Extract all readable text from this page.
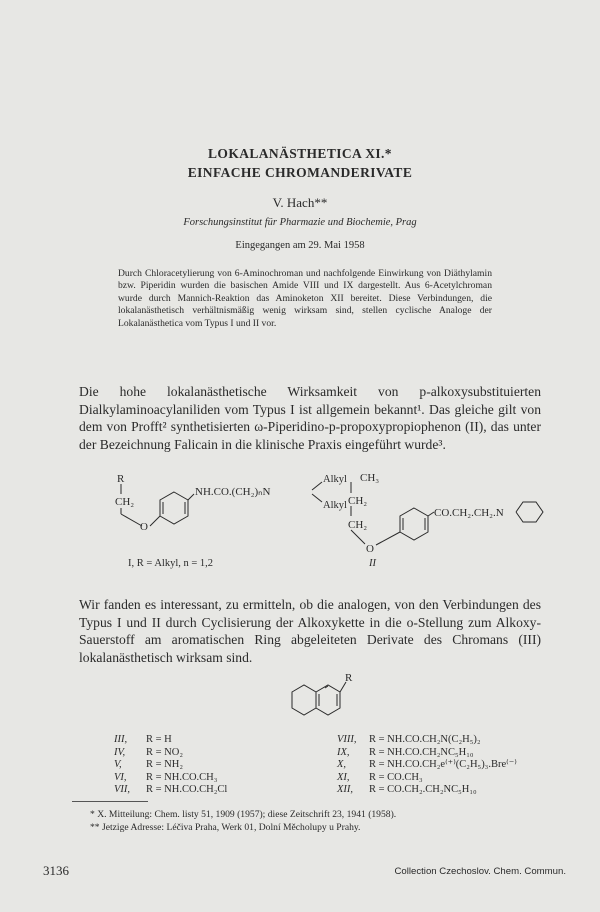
LOKALANÄSTHETICA XI.*
EINFACHE CHROMANDERIVATE
V. Hach**
Forschungsinstitut für Pharmazie und Biochemie, Prag
Eingegangen am 29. Mai 1958
Durch Chloracetylierung von 6-Aminochroman und nachfolgende Einwirkung von Diäthylamin bzw. Piperidin wurden die basischen Amide VIII und IX dargestellt. Aus 6-Acetylchroman wurde durch Mannich-Reaktion das Aminoketon XII bereitet. Diese Verbindungen, die lokalanästhetisch verhältnismäßig wenig wirksam sind, stellen cyclische Analoge der Lokalanästhetica vom Typus I und II vor.
Die hohe lokalanästhetische Wirksamkeit von p-alkoxysubstituierten Dialkylaminoacylaniliden vom Typus I ist allgemein bekannt¹. Das gleiche gilt von dem von Profft² synthetisierten ω-Piperidino-p-propoxypropiophenon (II), das unter der Bezeichnung Falicain in die klinische Praxis eingeführt wurde³.
R
CH₂
O
NH.CO.(CH₂)ₙN
Alkyl
Alkyl
I, R = Alkyl, n = 1,2
CH₃
CH₂
CH₂
O
CO.CH₂.CH₂.N
II
Wir fanden es interessant, zu ermitteln, ob die analogen, von den Verbindungen des Typus I und II durch Cyclisierung der Alkoxykette in die o-Stellung zum Alkoxy-Sauerstoff am aromatischen Ring abgeleiteten Derivate des Chromans (III) lokalanästhetisch wirksam sind.
R
III, R = H
IV, R = NO₂
V, R = NH₂
VI, R = NH.CO.CH₃
VII, R = NH.CO.CH₂Cl
VIII, R = NH.CO.CH₂N(C₂H₅)₂
IX, R = NH.CO.CH₂NC₅H₁₀
X, R = NH.CO.CH₂e⁽⁺⁾(C₂H₅)₃.Bre⁽⁻⁾
XI, R = CO.CH₃
XII, R = CO.CH₂.CH₂NC₅H₁₀
* X. Mitteilung: Chem. listy 51, 1909 (1957); diese Zeitschrift 23, 1941 (1958).
** Jetzige Adresse: Léčiva Praha, Werk 01, Dolní Měcholupy u Prahy.
3136	Collection Czechoslov. Chem. Commun.
